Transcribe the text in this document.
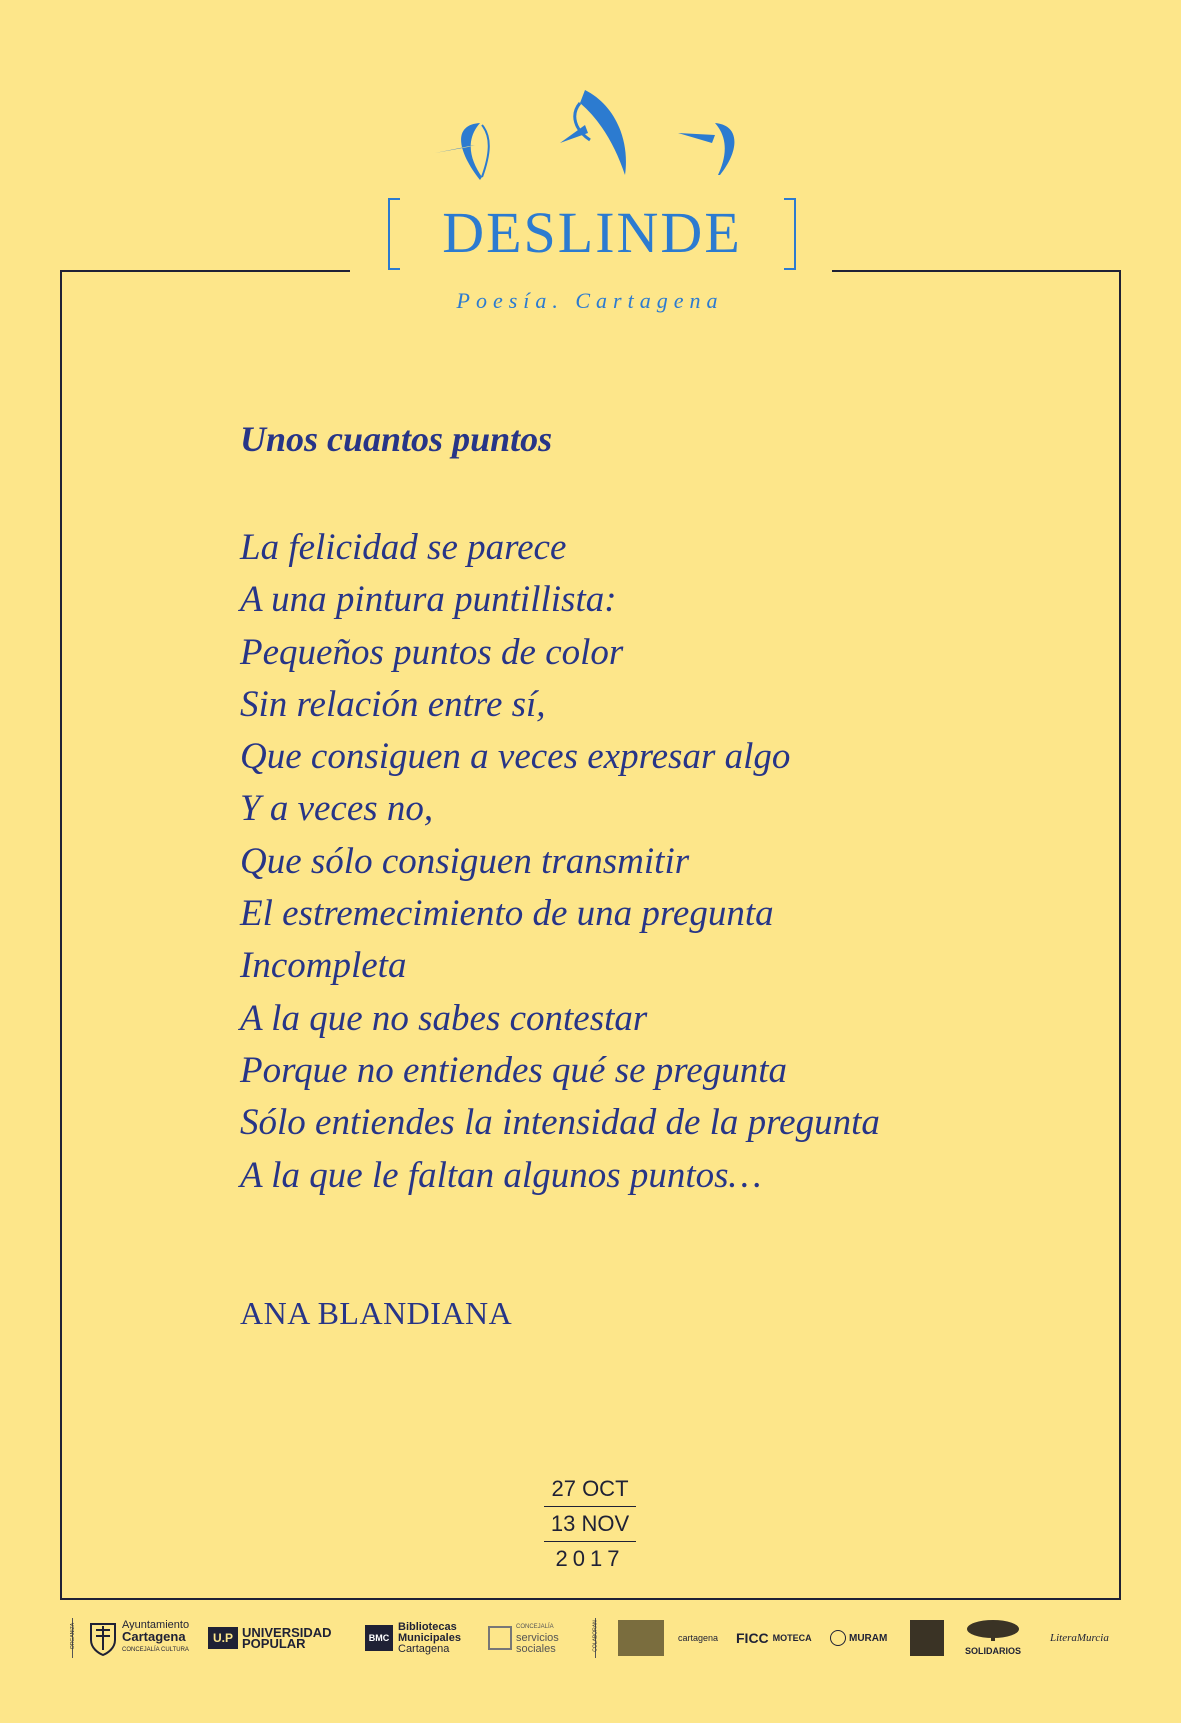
DESLINDE
Poesía. Cartagena
Unos cuantos puntos
La felicidad se parece
A una pintura puntillista:
Pequeños puntos de color
Sin relación entre sí,
Que consiguen a veces expresar algo
Y a veces no,
Que sólo consiguen transmitir
El estremecimiento de una pregunta
Incompleta
A la que no sabes contestar
Porque no entiendes qué se pregunta
Sólo entiendes la intensidad de la pregunta
A la que le faltan algunos puntos…
ANA BLANDIANA
27 OCT
13 NOV
2017
ORGANIZA	Ayuntamiento
Cartagena
CONCEJALÍA CULTURA
U.P UNIVERSIDAD
POPULAR	BMC
Bibliotecas
Municipales
Cartagena
CONCEJALÍA
servicios
sociales	COLABORAN	cartagena FICC MOTECA	MURAM
SOLIDARIOS
LiteraMurcia
